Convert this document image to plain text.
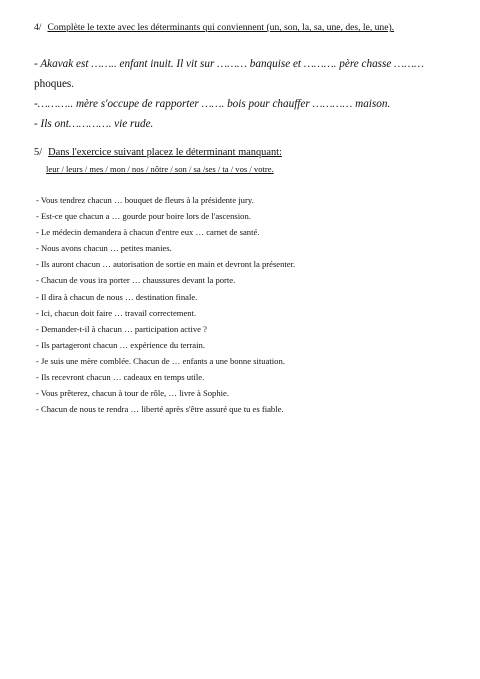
4/ Complète le texte avec les déterminants qui conviennent (un, son, la, sa, une, des, le, une).
- Akavak est …….. enfant inuit. Il vit sur ……… banquise et ………. père chasse ………
phoques.
-……….. mère s'occupe de rapporter ……. bois pour chauffer ………… maison.
- Ils ont…………. vie rude.
5/ Dans l'exercice suivant placez le déterminant manquant:
leur / leurs / mes / mon / nos / nôtre / son / sa /ses / ta / vos / votre.
- Vous tendrez chacun … bouquet de fleurs à la présidente jury.
- Est-ce que chacun a … gourde pour boire lors de l'ascension.
- Le médecin demandera à chacun d'entre eux … carnet de santé.
- Nous avons chacun … petites manies.
- Ils auront chacun … autorisation de sortie en main et devront la présenter.
- Chacun de vous ira porter … chaussures devant la porte.
- Il dira à chacun de nous … destination finale.
- Ici, chacun doit faire … travail correctement.
- Demander-t-il à chacun … participation active ?
- Ils partageront chacun … expérience du terrain.
- Je suis une mère comblée. Chacun de … enfants a une bonne situation.
- Ils recevront chacun … cadeaux en temps utile.
- Vous prêterez, chacun à tour de rôle, … livre à Sophie.
- Chacun de nous te rendra … liberté après s'être assuré que tu es fiable.
